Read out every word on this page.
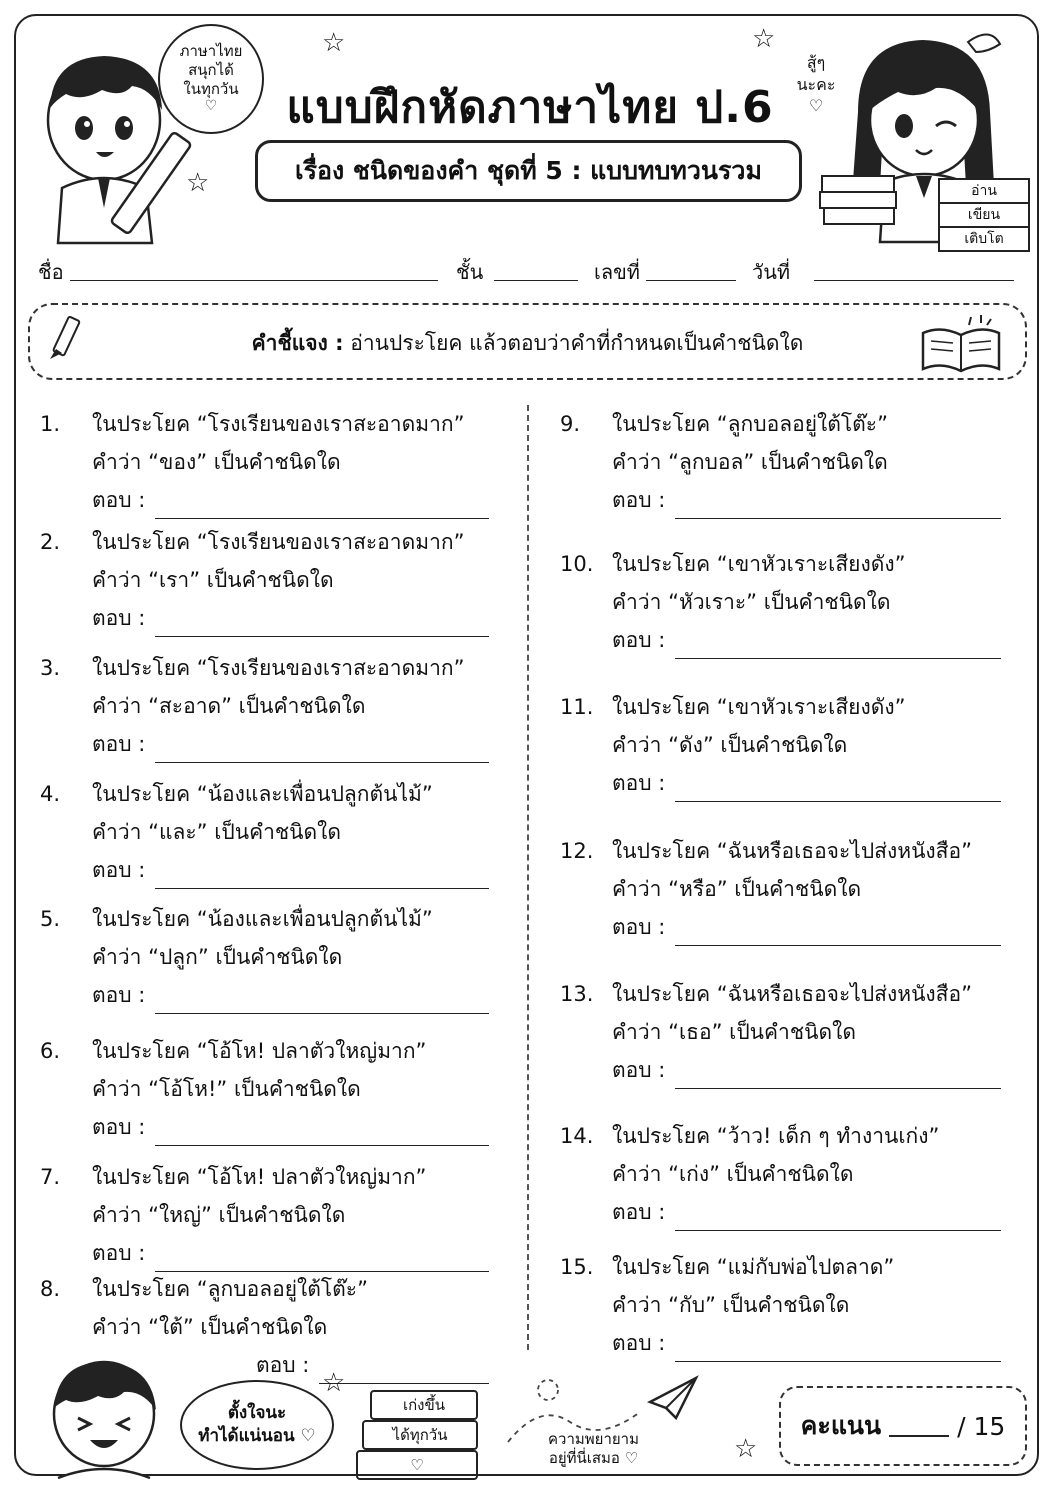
☆	☆
☆
ภาษาไทย
สนุกได้
ในทุกวัน
♡	แบบฝึกหัดภาษาไทย ป.6
เรื่อง ชนิดของคำ ชุดที่ 5 : แบบทบทวนรวม
สู้ๆ
นะคะ
♡
อ่าน
เขียน
เติบโต
ชื่อ	ชั้น	เลขที่	วันที่
คำชี้แจง : อ่านประโยค แล้วตอบว่าคำที่กำหนดเป็นคำชนิดใด
1.	ในประโยค “โรงเรียนของเราสะอาดมาก”
คำว่า “ของ” เป็นคำชนิดใด
ตอบ :
2.	ในประโยค “โรงเรียนของเราสะอาดมาก”
คำว่า “เรา” เป็นคำชนิดใด
ตอบ :
3.	ในประโยค “โรงเรียนของเราสะอาดมาก”
คำว่า “สะอาด” เป็นคำชนิดใด
ตอบ :
4.	ในประโยค “น้องและเพื่อนปลูกต้นไม้”
คำว่า “และ” เป็นคำชนิดใด
ตอบ :
5.	ในประโยค “น้องและเพื่อนปลูกต้นไม้”
คำว่า “ปลูก” เป็นคำชนิดใด
ตอบ :
6.	ในประโยค “โอ้โห! ปลาตัวใหญ่มาก”
คำว่า “โอ้โห!” เป็นคำชนิดใด
ตอบ :
7.	ในประโยค “โอ้โห! ปลาตัวใหญ่มาก”
คำว่า “ใหญ่” เป็นคำชนิดใด
ตอบ :
8.	ในประโยค “ลูกบอลอยู่ใต้โต๊ะ”
คำว่า “ใต้” เป็นคำชนิดใด
ตอบ :
9.	ในประโยค “ลูกบอลอยู่ใต้โต๊ะ”
คำว่า “ลูกบอล” เป็นคำชนิดใด
ตอบ :
10. ในประโยค “เขาหัวเราะเสียงดัง”
คำว่า “หัวเราะ” เป็นคำชนิดใด
ตอบ :
11. ในประโยค “เขาหัวเราะเสียงดัง”
คำว่า “ดัง” เป็นคำชนิดใด
ตอบ :
12. ในประโยค “ฉันหรือเธอจะไปส่งหนังสือ”
คำว่า “หรือ” เป็นคำชนิดใด
ตอบ :
13. ในประโยค “ฉันหรือเธอจะไปส่งหนังสือ”
คำว่า “เธอ” เป็นคำชนิดใด
ตอบ :
14. ในประโยค “ว้าว! เด็ก ๆ ทำงานเก่ง”
คำว่า “เก่ง” เป็นคำชนิดใด
ตอบ :
15. ในประโยค “แม่กับพ่อไปตลาด”
คำว่า “กับ” เป็นคำชนิดใด
ตอบ :
ตั้งใจนะ
ทำได้แน่นอน ♡
☆
เก่งขึ้น
ได้ทุกวัน
♡
ความพยายาม
อยู่ที่นี่เสมอ ♡	☆
คะแนน	/ 15
